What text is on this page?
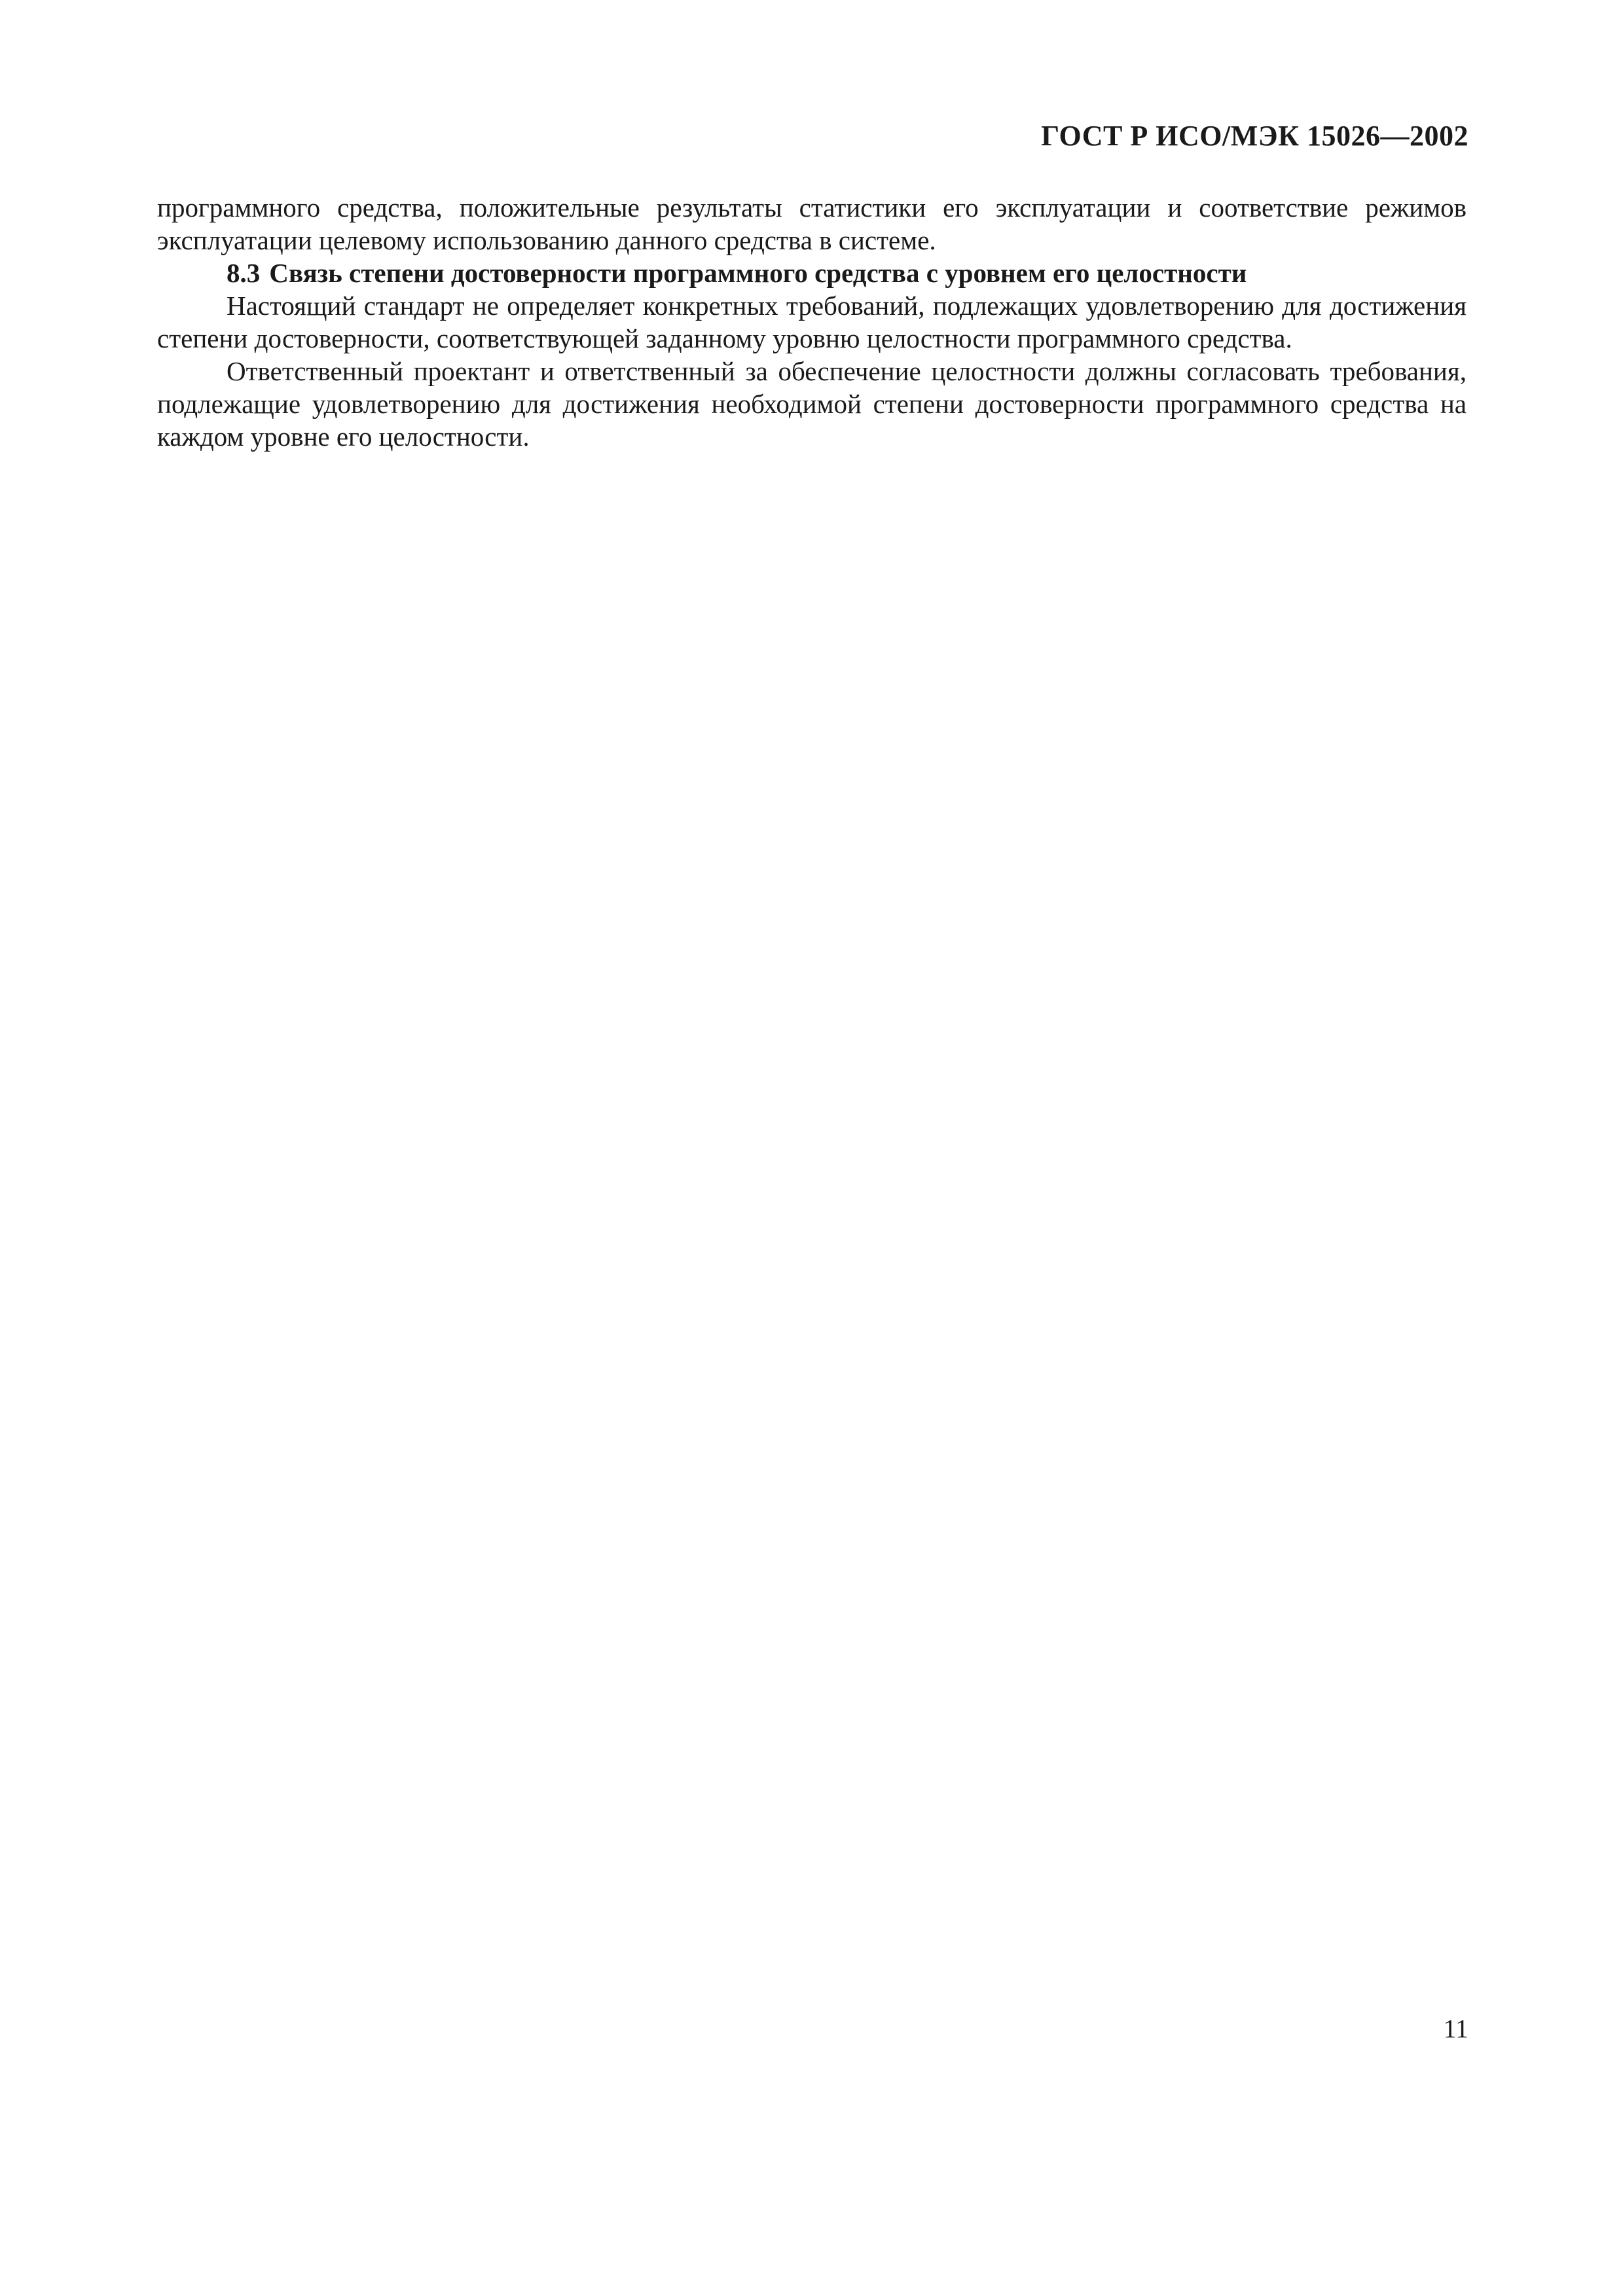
ГОСТ Р ИСО/МЭК 15026—2002

программного средства, положительные результаты статистики его эксплуатации и соответствие режимов эксплуатации целевому использованию данного средства в системе.

8.3 Связь степени достоверности программного средства с уровнем его целостности

Настоящий стандарт не определяет конкретных требований, подлежащих удовлетворению для достижения степени достоверности, соответствующей заданному уровню целостности программного средства.

Ответственный проектант и ответственный за обеспечение целостности должны согласовать требования, подлежащие удовлетворению для достижения необходимой степени достоверности программного средства на каждом уровне его целостности.

11
